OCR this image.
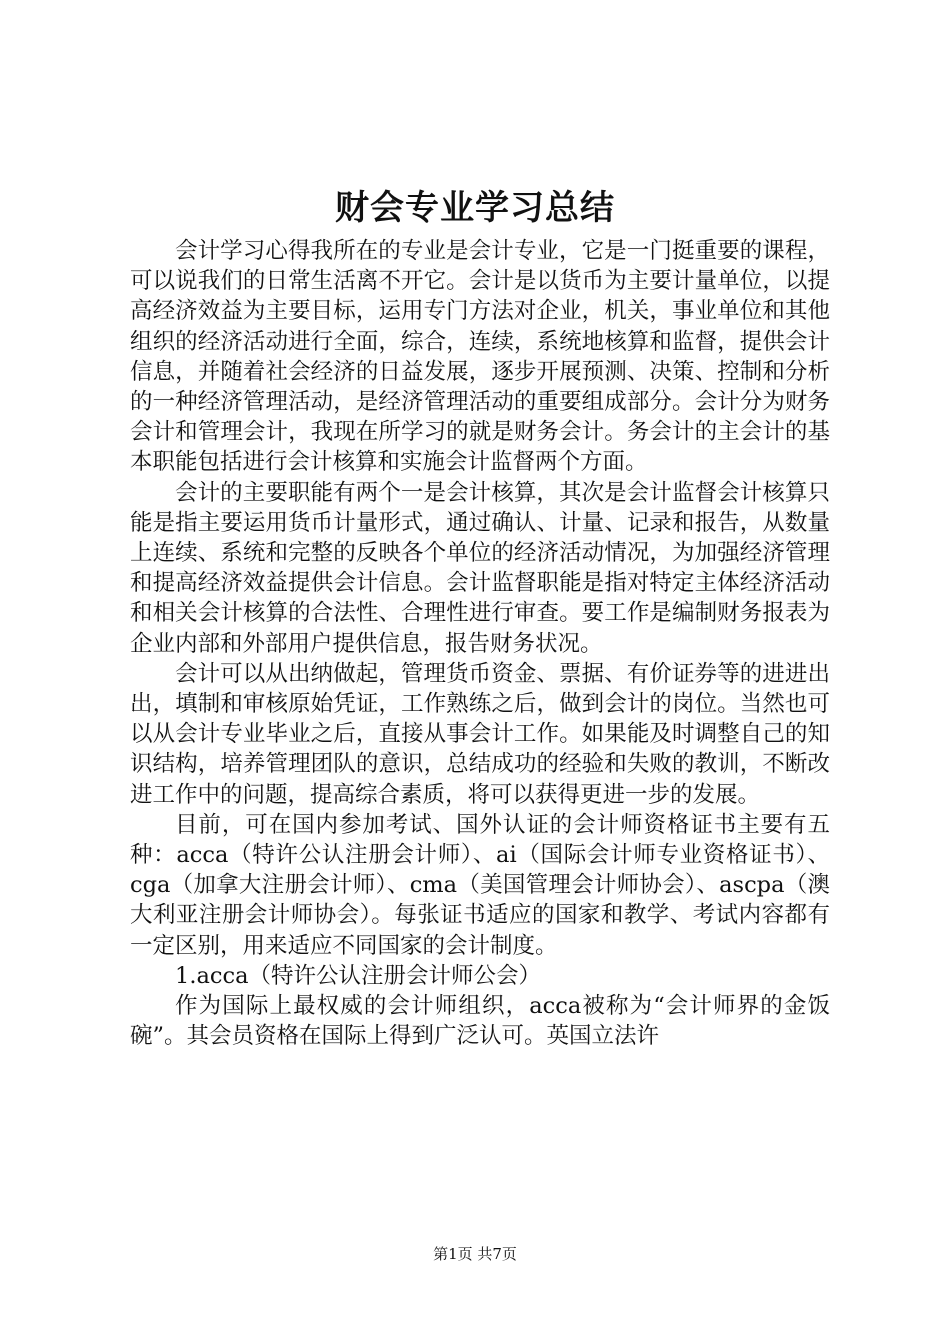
财会专业学习总结

会计学习心得我所在的专业是会计专业，它是一门挺重要的课程，可以说我们的日常生活离不开它。会计是以货币为主要计量单位，以提高经济效益为主要目标，运用专门方法对企业，机关，事业单位和其他组织的经济活动进行全面，综合，连续，系统地核算和监督，提供会计信息，并随着社会经济的日益发展，逐步开展预测、决策、控制和分析的一种经济管理活动，是经济管理活动的重要组成部分。会计分为财务会计和管理会计，我现在所学习的就是财务会计。务会计的主会计的基本职能包括进行会计核算和实施会计监督两个方面。

会计的主要职能有两个一是会计核算，其次是会计监督会计核算只能是指主要运用货币计量形式，通过确认、计量、记录和报告，从数量上连续、系统和完整的反映各个单位的经济活动情况，为加强经济管理和提高经济效益提供会计信息。会计监督职能是指对特定主体经济活动和相关会计核算的合法性、合理性进行审查。要工作是编制财务报表为企业内部和外部用户提供信息，报告财务状况。

会计可以从出纳做起，管理货币资金、票据、有价证券等的进进出出，填制和审核原始凭证，工作熟练之后，做到会计的岗位。当然也可以从会计专业毕业之后，直接从事会计工作。如果能及时调整自己的知识结构，培养管理团队的意识，总结成功的经验和失败的教训，不断改进工作中的问题，提高综合素质，将可以获得更进一步的发展。

目前，可在国内参加考试、国外认证的会计师资格证书主要有五种：acca（特许公认注册会计师）、ai（国际会计师专业资格证书）、cga（加拿大注册会计师）、cma（美国管理会计师协会）、ascpa（澳大利亚注册会计师协会）。每张证书适应的国家和教学、考试内容都有一定区别，用来适应不同国家的会计制度。

1.acca（特许公认注册会计师公会）

作为国际上最权威的会计师组织，acca被称为“会计师界的金饭碗”。其会员资格在国际上得到广泛认可。英国立法许

第1页 共7页
